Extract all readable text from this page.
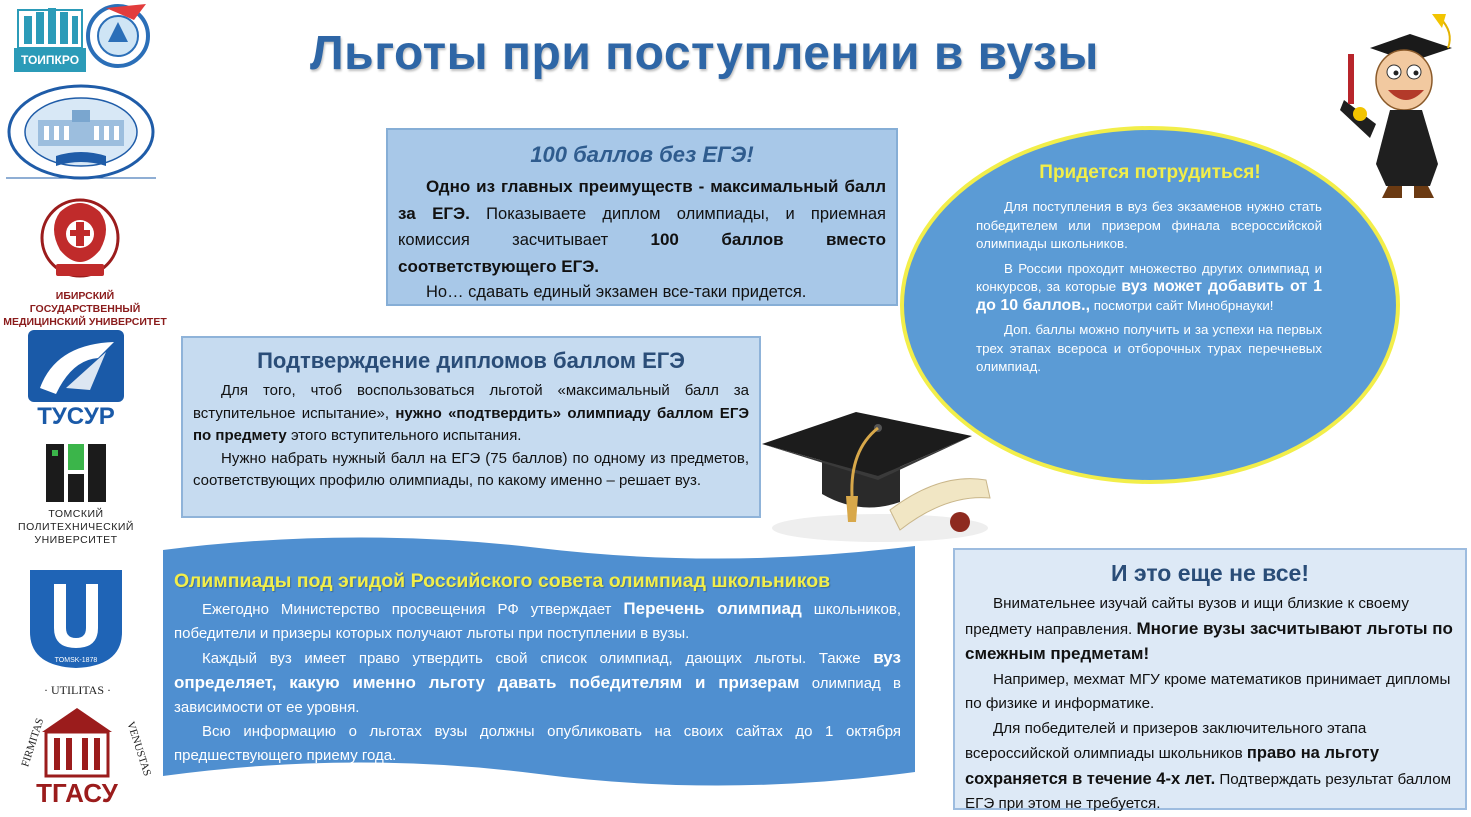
Льготы при поступлении в вузы
ТОИПКРО
ИБИРСКИЙ ГОСУДАРСТВЕННЫЙ
МЕДИЦИНСКИЙ УНИВЕРСИТЕТ
ТУСУР
ТОМСКИЙ
ПОЛИТЕХНИЧЕСКИЙ
УНИВЕРСИТЕТ
TOMSK-1878
· UTILITAS ·
FIRMITAS	VENUSTAS
ТГАСУ
100 баллов без ЕГЭ!

Одно из главных преимуществ - максимальный балл за ЕГЭ. Показываете диплом олимпиады, и приемная комиссия засчитывает 100 баллов вместо соответствующего ЕГЭ.

Но… сдавать единый экзамен все-таки придется.

Подтверждение дипломов баллом ЕГЭ

Для того, чтоб воспользоваться льготой «максимальный балл за вступительное испытание», нужно «подтвердить» олимпиаду баллом ЕГЭ по предмету этого вступительного испытания.

Нужно набрать нужный балл на ЕГЭ (75 баллов) по одному из предметов, соответствующих профилю олимпиады, по какому именно – решает вуз.

Придется потрудиться!

Для поступления в вуз без экзаменов нужно стать победителем или призером финала всероссийской олимпиады школьников.

В России проходит множество других олимпиад и конкурсов, за которые вуз может добавить от 1 до 10 баллов., посмотри сайт Минобрнауки!

Доп. баллы можно получить и за успехи на первых трех этапах всероса и отборочных турах перечневых олимпиад.

Олимпиады под эгидой Российского совета олимпиад школьников

Ежегодно Министерство просвещения РФ утверждает Перечень олимпиад школьников, победители и призеры которых получают льготы при поступлении в вузы.

Каждый вуз имеет право утвердить свой список олимпиад, дающих льготы. Также вуз определяет, какую именно льготу давать победителям и призерам олимпиад в зависимости от ее уровня.

Всю информацию о льготах вузы должны опубликовать на своих сайтах до 1 октября предшествующего приему года.

И это еще не все!

Внимательнее изучай сайты вузов и ищи близкие к своему предмету направления. Многие вузы засчитывают льготы по смежным предметам!

Например, мехмат МГУ кроме математиков принимает дипломы по физике и информатике.

Для победителей и призеров заключительного этапа всероссийской олимпиады школьников право на льготу сохраняется в течение 4-х лет. Подтверждать результат баллом ЕГЭ при этом не требуется.
